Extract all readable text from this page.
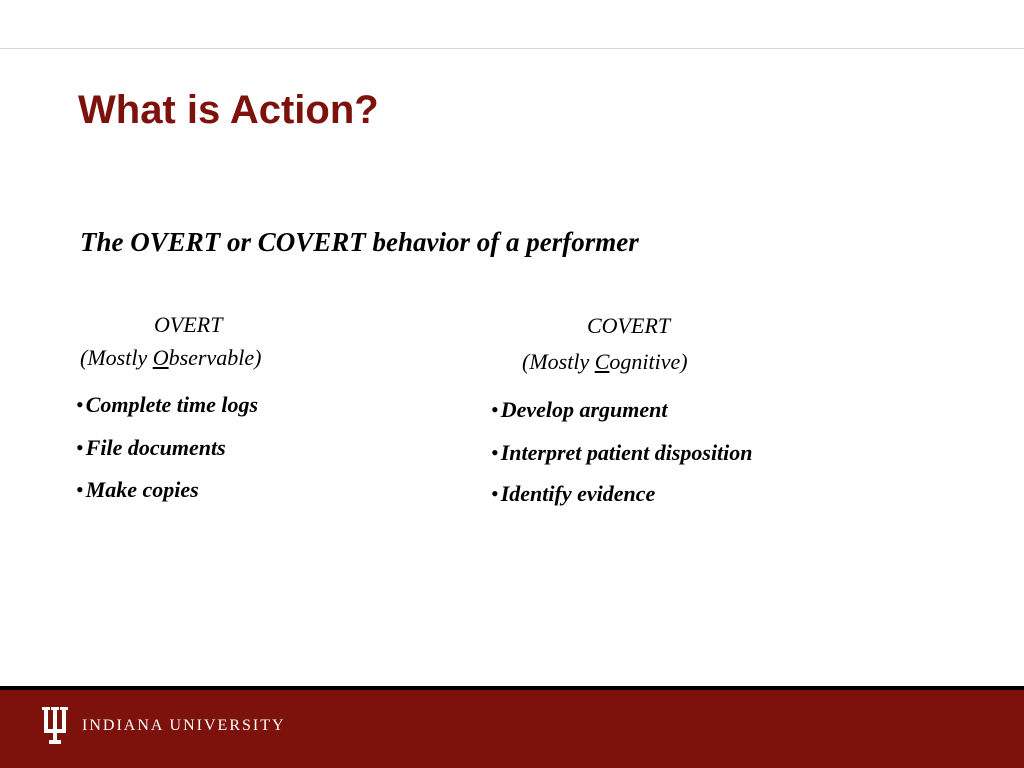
What is Action?

The OVERT or COVERT behavior of a performer

OVERT

(Mostly Observable)

•Complete time logs

•File documents

•Make copies

COVERT

(Mostly Cognitive)

•Develop argument

•Interpret patient disposition

•Identify evidence

INDIANA UNIVERSITY
